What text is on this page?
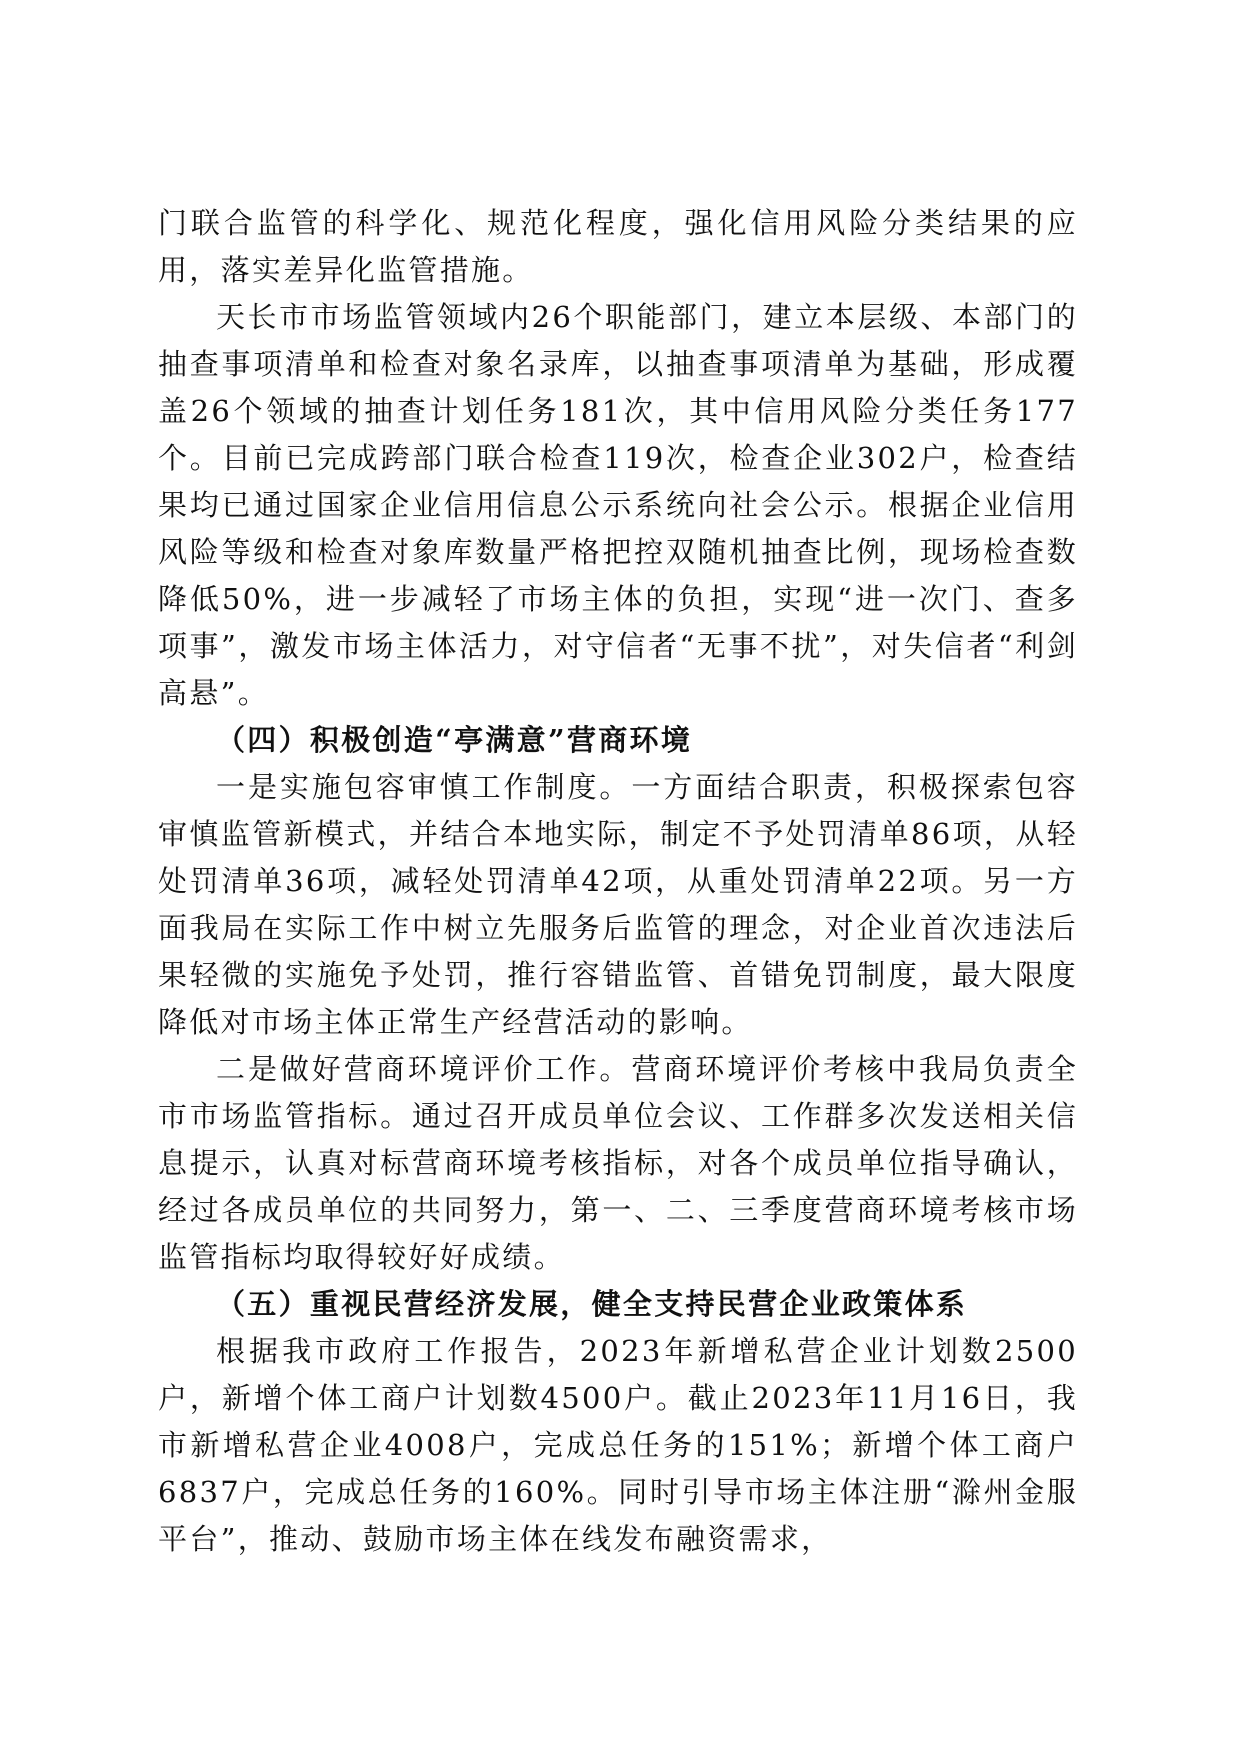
门联合监管的科学化、规范化程度，强化信用风险分类结果的应用，落实差异化监管措施。

天长市市场监管领域内26个职能部门，建立本层级、本部门的抽查事项清单和检查对象名录库，以抽查事项清单为基础，形成覆盖26个领域的抽查计划任务181次，其中信用风险分类任务177个。目前已完成跨部门联合检查119次，检查企业302户，检查结果均已通过国家企业信用信息公示系统向社会公示。根据企业信用风险等级和检查对象库数量严格把控双随机抽查比例，现场检查数降低50%，进一步减轻了市场主体的负担，实现“进一次门、查多项事”，激发市场主体活力，对守信者“无事不扰”，对失信者“利剑高悬”。

（四）积极创造“亭满意”营商环境

一是实施包容审慎工作制度。一方面结合职责，积极探索包容审慎监管新模式，并结合本地实际，制定不予处罚清单86项，从轻处罚清单36项，减轻处罚清单42项，从重处罚清单22项。另一方面我局在实际工作中树立先服务后监管的理念，对企业首次违法后果轻微的实施免予处罚，推行容错监管、首错免罚制度，最大限度降低对市场主体正常生产经营活动的影响。

二是做好营商环境评价工作。营商环境评价考核中我局负责全市市场监管指标。通过召开成员单位会议、工作群多次发送相关信息提示，认真对标营商环境考核指标，对各个成员单位指导确认，经过各成员单位的共同努力，第一、二、三季度营商环境考核市场监管指标均取得较好好成绩。

（五）重视民营经济发展，健全支持民营企业政策体系

根据我市政府工作报告，2023年新增私营企业计划数2500户，新增个体工商户计划数4500户。截止2023年11月16日，我市新增私营企业4008户，完成总任务的151%；新增个体工商户6837户，完成总任务的160%。同时引导市场主体注册“滁州金服平台”，推动、鼓励市场主体在线发布融资需求，
